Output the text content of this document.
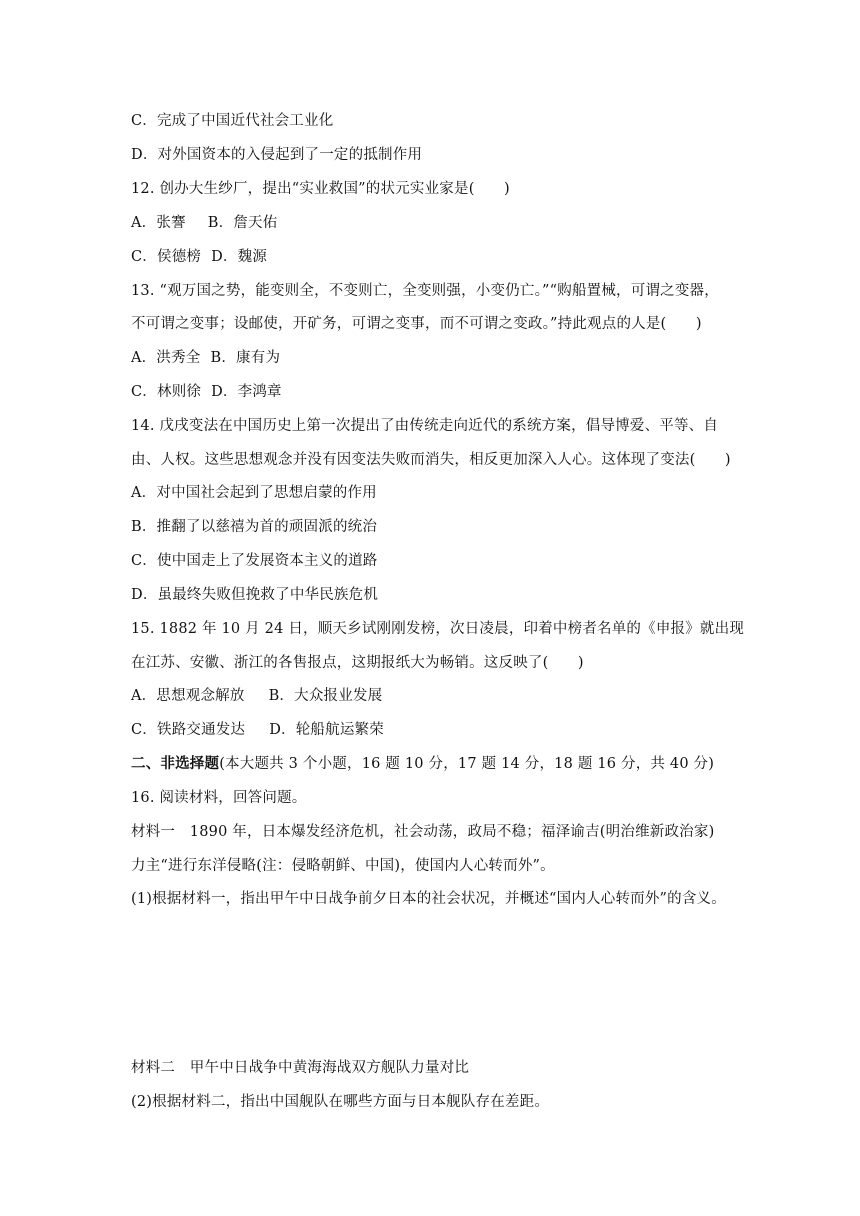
C．完成了中国近代社会工业化
D．对外国资本的入侵起到了一定的抵制作用
12. 创办大生纱厂，提出“实业救国”的状元实业家是(　　)
A．张謇 B．詹天佑
C．侯德榜 D．魏源
13. “观万国之势，能变则全，不变则亡，全变则强，小变仍亡。”“购船置械，可谓之变器，
不可谓之变事；设邮使，开矿务，可谓之变事，而不可谓之变政。”持此观点的人是(　　)
A．洪秀全 B．康有为
C．林则徐 D．李鸿章
14. 戊戌变法在中国历史上第一次提出了由传统走向近代的系统方案，倡导博爱、平等、自
由、人权。这些思想观念并没有因变法失败而消失，相反更加深入人心。这体现了变法(　　)
A．对中国社会起到了思想启蒙的作用
B．推翻了以慈禧为首的顽固派的统治
C．使中国走上了发展资本主义的道路
D．虽最终失败但挽救了中华民族危机
15. 1882 年 10 月 24 日，顺天乡试刚刚发榜，次日凌晨，印着中榜者名单的《申报》就出现
在江苏、安徽、浙江的各售报点，这期报纸大为畅销。这反映了(　　)
A．思想观念解放 B．大众报业发展
C．铁路交通发达 D．轮船航运繁荣
二、非选择题(本大题共 3 个小题，16 题 10 分，17 题 14 分，18 题 16 分，共 40 分)
16. 阅读材料，回答问题。
材料一　1890 年，日本爆发经济危机，社会动荡，政局不稳；福泽谕吉(明治维新政治家)
力主“进行东洋侵略(注：侵略朝鲜、中国)，使国内人心转而外”。
(1)根据材料一，指出甲午中日战争前夕日本的社会状况，并概述“国内人心转而外”的含义。
材料二　甲午中日战争中黄海海战双方舰队力量对比
(2)根据材料二，指出中国舰队在哪些方面与日本舰队存在差距。
